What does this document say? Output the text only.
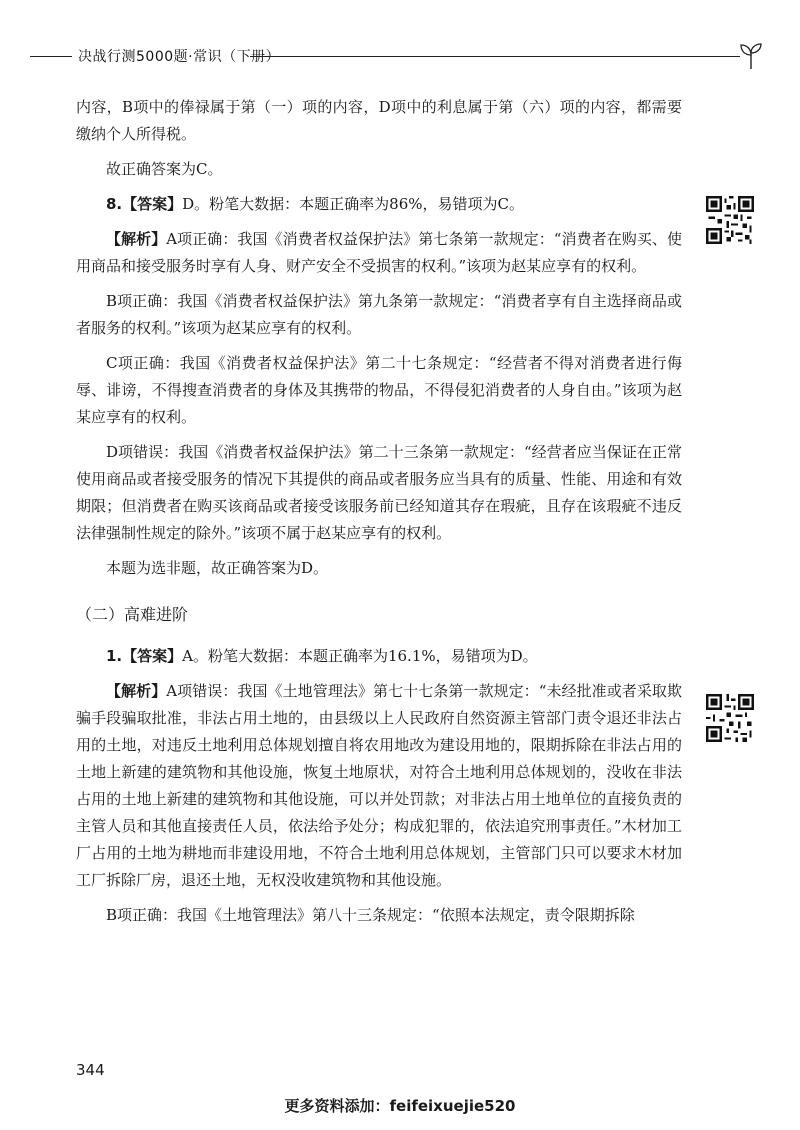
决战行测5000题·常识（下册）

内容，B项中的俸禄属于第（一）项的内容，D项中的利息属于第（六）项的内容，都需要缴纳个人所得税。

故正确答案为C。

8.【答案】D。粉笔大数据：本题正确率为86%，易错项为C。

【解析】A项正确：我国《消费者权益保护法》第七条第一款规定：“消费者在购买、使用商品和接受服务时享有人身、财产安全不受损害的权利。”该项为赵某应享有的权利。

B项正确：我国《消费者权益保护法》第九条第一款规定：“消费者享有自主选择商品或者服务的权利。”该项为赵某应享有的权利。

C项正确：我国《消费者权益保护法》第二十七条规定：“经营者不得对消费者进行侮辱、诽谤，不得搜查消费者的身体及其携带的物品，不得侵犯消费者的人身自由。”该项为赵某应享有的权利。

D项错误：我国《消费者权益保护法》第二十三条第一款规定：“经营者应当保证在正常使用商品或者接受服务的情况下其提供的商品或者服务应当具有的质量、性能、用途和有效期限；但消费者在购买该商品或者接受该服务前已经知道其存在瑕疵，且存在该瑕疵不违反法律强制性规定的除外。”该项不属于赵某应享有的权利。

本题为选非题，故正确答案为D。

（二）高难进阶

1.【答案】A。粉笔大数据：本题正确率为16.1%，易错项为D。

【解析】A项错误：我国《土地管理法》第七十七条第一款规定：“未经批准或者采取欺骗手段骗取批准，非法占用土地的，由县级以上人民政府自然资源主管部门责令退还非法占用的土地，对违反土地利用总体规划擅自将农用地改为建设用地的，限期拆除在非法占用的土地上新建的建筑物和其他设施，恢复土地原状，对符合土地利用总体规划的，没收在非法占用的土地上新建的建筑物和其他设施，可以并处罚款；对非法占用土地单位的直接负责的主管人员和其他直接责任人员，依法给予处分；构成犯罪的，依法追究刑事责任。”木材加工厂占用的土地为耕地而非建设用地，不符合土地利用总体规划，主管部门只可以要求木材加工厂拆除厂房，退还土地，无权没收建筑物和其他设施。

B项正确：我国《土地管理法》第八十三条规定：“依照本法规定，责令限期拆除

344
更多资料添加：feifeixuejie520
